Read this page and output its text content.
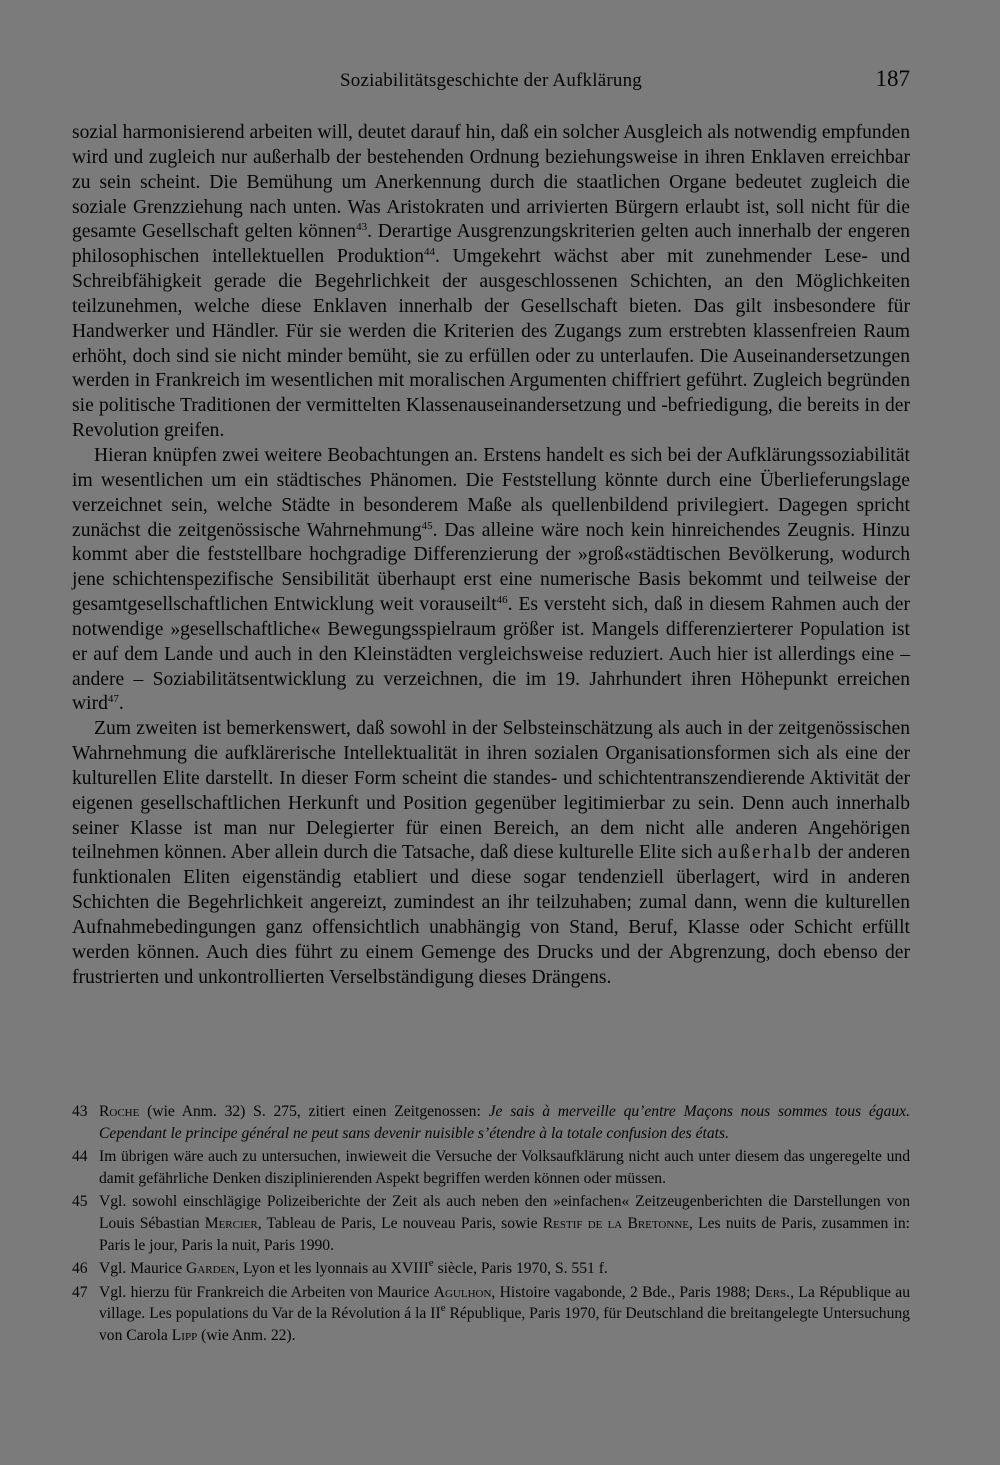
Soziabilitätsgeschichte der Aufklärung	187

sozial harmonisierend arbeiten will, deutet darauf hin, daß ein solcher Ausgleich als notwendig empfunden wird und zugleich nur außerhalb der bestehenden Ordnung beziehungsweise in ihren Enklaven erreichbar zu sein scheint. Die Bemühung um Anerkennung durch die staatlichen Organe bedeutet zugleich die soziale Grenzziehung nach unten. Was Aristokraten und arrivierten Bürgern erlaubt ist, soll nicht für die gesamte Gesellschaft gelten können$^{43}$. Derartige Ausgrenzungskriterien gelten auch innerhalb der engeren philosophischen intellektuellen Produktion$^{44}$. Umgekehrt wächst aber mit zunehmender Lese- und Schreibfähigkeit gerade die Begehrlichkeit der ausgeschlossenen Schichten, an den Möglichkeiten teilzunehmen, welche diese Enklaven innerhalb der Gesellschaft bieten. Das gilt insbesondere für Handwerker und Händler. Für sie werden die Kriterien des Zugangs zum erstrebten klassenfreien Raum erhöht, doch sind sie nicht minder bemüht, sie zu erfüllen oder zu unterlaufen. Die Auseinandersetzungen werden in Frankreich im wesentlichen mit moralischen Argumenten chiffriert geführt. Zugleich begründen sie politische Traditionen der vermittelten Klassenauseinandersetzung und -befriedigung, die bereits in der Revolution greifen.

Hieran knüpfen zwei weitere Beobachtungen an. Erstens handelt es sich bei der Aufklärungssoziabilität im wesentlichen um ein städtisches Phänomen. Die Feststellung könnte durch eine Überlieferungslage verzeichnet sein, welche Städte in besonderem Maße als quellenbildend privilegiert. Dagegen spricht zunächst die zeitgenössische Wahrnehmung$^{45}$. Das alleine wäre noch kein hinreichendes Zeugnis. Hinzu kommt aber die feststellbare hochgradige Differenzierung der »groß«städtischen Bevölkerung, wodurch jene schichtenspezifische Sensibilität überhaupt erst eine numerische Basis bekommt und teilweise der gesamtgesellschaftlichen Entwicklung weit vorauseilt$^{46}$. Es versteht sich, daß in diesem Rahmen auch der notwendige »gesellschaftliche« Bewegungsspielraum größer ist. Mangels differenzierterer Population ist er auf dem Lande und auch in den Kleinstädten vergleichsweise reduziert. Auch hier ist allerdings eine – andere – Soziabilitätsentwicklung zu verzeichnen, die im 19. Jahrhundert ihren Höhepunkt erreichen wird$^{47}$.

Zum zweiten ist bemerkenswert, daß sowohl in der Selbsteinschätzung als auch in der zeitgenössischen Wahrnehmung die aufklärerische Intellektualität in ihren sozialen Organisationsformen sich als eine der kulturellen Elite darstellt. In dieser Form scheint die standes- und schichtentranszendierende Aktivität der eigenen gesellschaftlichen Herkunft und Position gegenüber legitimierbar zu sein. Denn auch innerhalb seiner Klasse ist man nur Delegierter für einen Bereich, an dem nicht alle anderen Angehörigen teilnehmen können. Aber allein durch die Tatsache, daß diese kulturelle Elite sich außerhalb der anderen funktionalen Eliten eigenständig etabliert und diese sogar tendenziell überlagert, wird in anderen Schichten die Begehrlichkeit angereizt, zumindest an ihr teilzuhaben; zumal dann, wenn die kulturellen Aufnahmebedingungen ganz offensichtlich unabhängig von Stand, Beruf, Klasse oder Schicht erfüllt werden können. Auch dies führt zu einem Gemenge des Drucks und der Abgrenzung, doch ebenso der frustrierten und unkontrollierten Verselbständigung dieses Drängens.

43 Roche (wie Anm. 32) S. 275, zitiert einen Zeitgenossen: Je sais à merveille qu’entre Maçons nous sommes tous égaux. Cependant le principe général ne peut sans devenir nuisible s’étendre à la totale confusion des états.
44 Im übrigen wäre auch zu untersuchen, inwieweit die Versuche der Volksaufklärung nicht auch unter diesem das ungeregelte und damit gefährliche Denken disziplinierenden Aspekt begriffen werden können oder müssen.
45 Vgl. sowohl einschlägige Polizeiberichte der Zeit als auch neben den »einfachen« Zeitzeugenberichten die Darstellungen von Louis Sébastian Mercier, Tableau de Paris, Le nouveau Paris, sowie Restif de la Bretonne, Les nuits de Paris, zusammen in: Paris le jour, Paris la nuit, Paris 1990.
46 Vgl. Maurice Garden, Lyon et les lyonnais au XVIIIe siècle, Paris 1970, S. 551 f.
47 Vgl. hierzu für Frankreich die Arbeiten von Maurice Agulhon, Histoire vagabonde, 2 Bde., Paris 1988; Ders., La République au village. Les populations du Var de la Révolution á la IIe République, Paris 1970, für Deutschland die breitangelegte Untersuchung von Carola Lipp (wie Anm. 22).
